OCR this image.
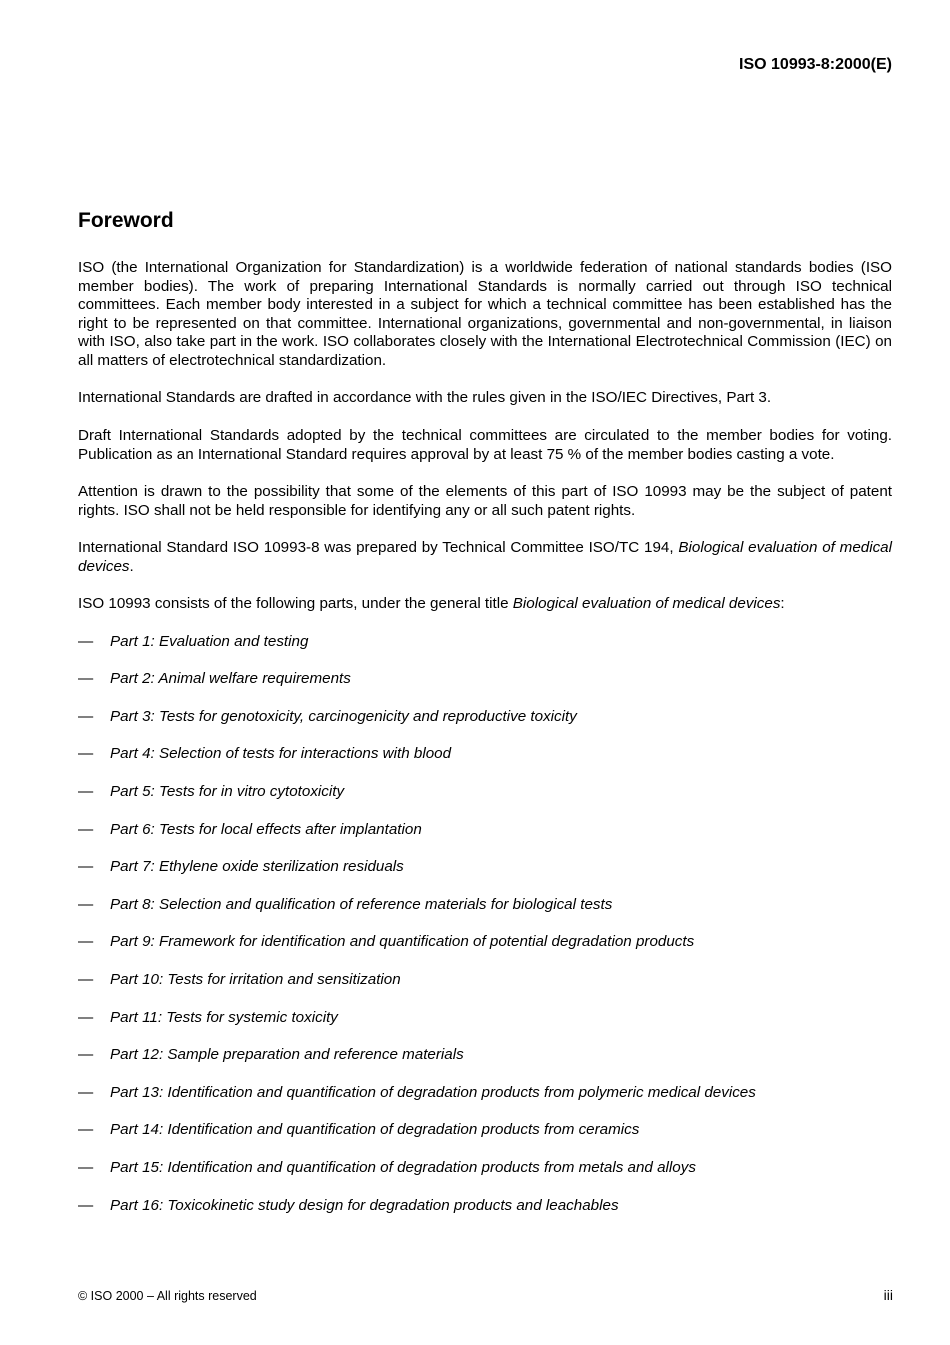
ISO 10993-8:2000(E)
Foreword

ISO (the International Organization for Standardization) is a worldwide federation of national standards bodies (ISO member bodies). The work of preparing International Standards is normally carried out through ISO technical committees. Each member body interested in a subject for which a technical committee has been established has the right to be represented on that committee. International organizations, governmental and non-governmental, in liaison with ISO, also take part in the work. ISO collaborates closely with the International Electrotechnical Commission (IEC) on all matters of electrotechnical standardization.

International Standards are drafted in accordance with the rules given in the ISO/IEC Directives, Part 3.

Draft International Standards adopted by the technical committees are circulated to the member bodies for voting. Publication as an International Standard requires approval by at least 75 % of the member bodies casting a vote.

Attention is drawn to the possibility that some of the elements of this part of ISO 10993 may be the subject of patent rights. ISO shall not be held responsible for identifying any or all such patent rights.

International Standard ISO 10993-8 was prepared by Technical Committee ISO/TC 194, Biological evaluation of medical devices.

ISO 10993 consists of the following parts, under the general title Biological evaluation of medical devices:

— Part 1: Evaluation and testing
— Part 2: Animal welfare requirements
— Part 3: Tests for genotoxicity, carcinogenicity and reproductive toxicity
— Part 4: Selection of tests for interactions with blood
— Part 5: Tests for in vitro cytotoxicity
— Part 6: Tests for local effects after implantation
— Part 7: Ethylene oxide sterilization residuals
— Part 8: Selection and qualification of reference materials for biological tests
— Part 9: Framework for identification and quantification of potential degradation products
— Part 10: Tests for irritation and sensitization
— Part 11: Tests for systemic toxicity
— Part 12: Sample preparation and reference materials
— Part 13: Identification and quantification of degradation products from polymeric medical devices
— Part 14: Identification and quantification of degradation products from ceramics
— Part 15: Identification and quantification of degradation products from metals and alloys
— Part 16: Toxicokinetic study design for degradation products and leachables
© ISO 2000 – All rights reserved	iii
